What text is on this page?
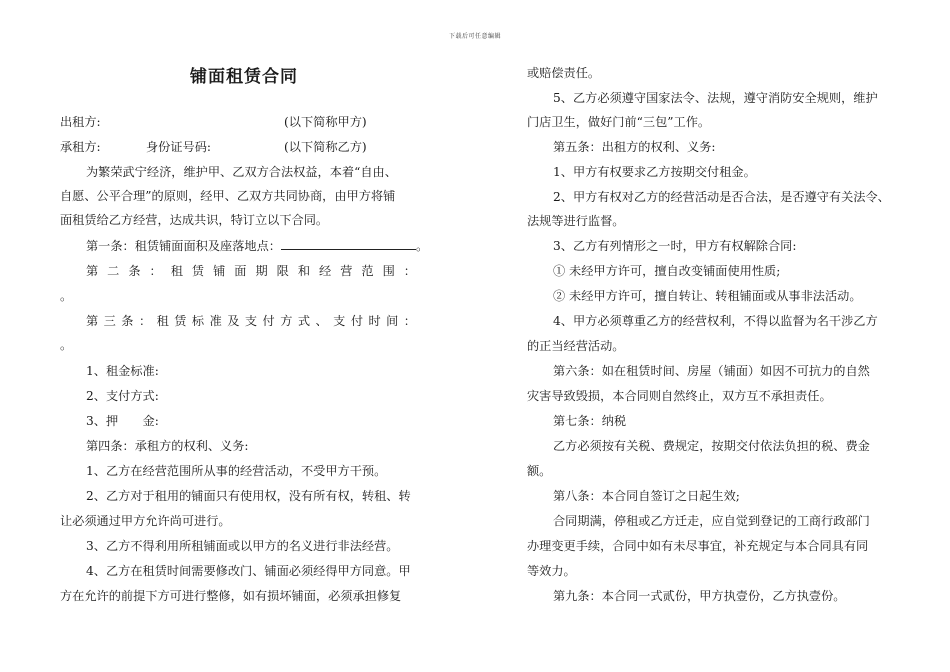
下载后可任意编辑
铺面租赁合同
出租方:	(以下简称甲方)
承租方:	身份证号码:	(以下简称乙方)
为繁荣武宁经济，维护甲、乙双方合法权益，本着“自由、
自愿、公平合理”的原则，经甲、乙双方共同协商，由甲方将铺
面租赁给乙方经营，达成共识，特订立以下合同。
第一条：租赁铺面面积及座落地点：	。
第二条：租赁铺面期限和经营范围：
。
第三条：租赁标准及支付方式、支付时间：
。
1、租金标准:
2、支付方式:
3、押　　金:
第四条：承租方的权利、义务:
1、乙方在经营范围所从事的经营活动，不受甲方干预。
2、乙方对于租用的铺面只有使用权，没有所有权，转租、转
让必须通过甲方允许尚可进行。
3、乙方不得利用所租铺面或以甲方的名义进行非法经营。
4、乙方在租赁时间需要修改门、铺面必须经得甲方同意。甲
方在允许的前提下方可进行整修，如有损坏铺面，必须承担修复
或赔偿责任。
5、乙方必须遵守国家法令、法规，遵守消防安全规则，维护
门店卫生，做好门前“三包”工作。
第五条：出租方的权利、义务:
1、甲方有权要求乙方按期交付租金。
2、甲方有权对乙方的经营活动是否合法，是否遵守有关法令、
法规等进行监督。
3、乙方有列情形之一时，甲方有权解除合同:
① 未经甲方许可，擅自改变铺面使用性质;
② 未经甲方许可，擅自转让、转租铺面或从事非法活动。
4、甲方必须尊重乙方的经营权利，不得以监督为名干涉乙方
的正当经营活动。
第六条：如在租赁时间、房屋（铺面）如因不可抗力的自然
灾害导致毁损，本合同则自然终止，双方互不承担责任。
第七条：纳税
乙方必须按有关税、费规定，按期交付依法负担的税、费金
额。
第八条：本合同自签订之日起生效;
合同期满，停租或乙方迁走，应自觉到登记的工商行政部门
办理变更手续，合同中如有未尽事宜，补充规定与本合同具有同
等效力。
第九条：本合同一式贰份，甲方执壹份，乙方执壹份。
